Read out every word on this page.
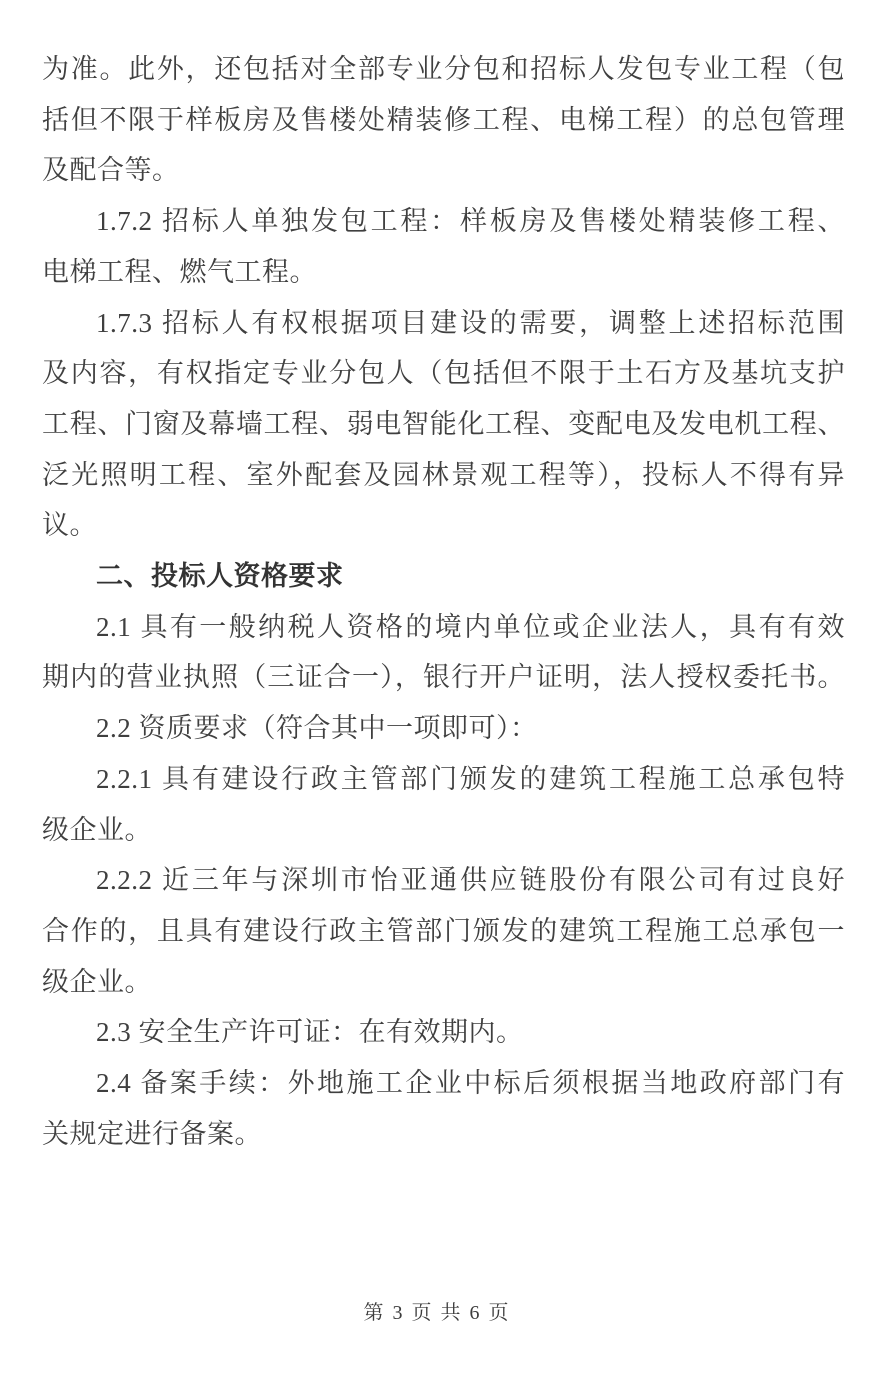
为准。此外，还包括对全部专业分包和招标人发包专业工程（包
括但不限于样板房及售楼处精装修工程、电梯工程）的总包管理
及配合等。
1.7.2 招标人单独发包工程：样板房及售楼处精装修工程、
电梯工程、燃气工程。
1.7.3 招标人有权根据项目建设的需要，调整上述招标范围
及内容，有权指定专业分包人（包括但不限于土石方及基坑支护
工程、门窗及幕墙工程、弱电智能化工程、变配电及发电机工程、
泛光照明工程、室外配套及园林景观工程等），投标人不得有异
议。
二、投标人资格要求
2.1 具有一般纳税人资格的境内单位或企业法人，具有有效
期内的营业执照（三证合一），银行开户证明，法人授权委托书。
2.2 资质要求（符合其中一项即可）：
2.2.1 具有建设行政主管部门颁发的建筑工程施工总承包特
级企业。
2.2.2 近三年与深圳市怡亚通供应链股份有限公司有过良好
合作的，且具有建设行政主管部门颁发的建筑工程施工总承包一
级企业。
2.3 安全生产许可证：在有效期内。
2.4 备案手续：外地施工企业中标后须根据当地政府部门有
关规定进行备案。
第 3 页 共 6 页
